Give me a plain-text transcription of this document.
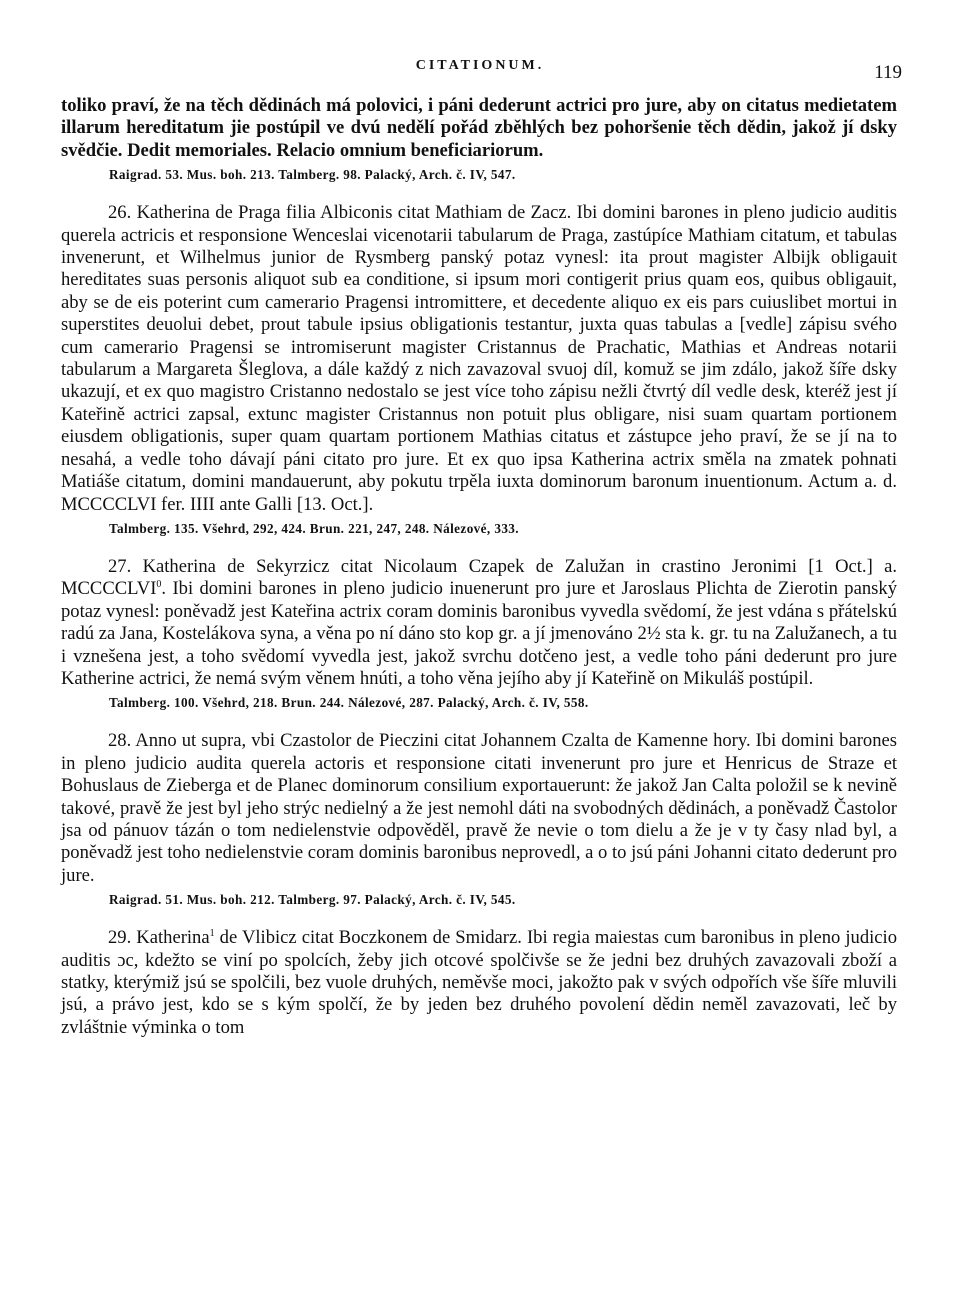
CITATIONUM.	119

toliko praví, že na těch dědinách má polovici, i páni dederunt actrici pro jure, aby on citatus medietatem illarum hereditatum jie postúpil ve dvú nedělí pořád zběhlých bez pohoršenie těch dědin, jakož jí dsky svědčie. Dedit memoriales. Relacio omnium beneficiariorum.

Raigrad. 53. Mus. boh. 213. Talmberg. 98. Palacký, Arch. č. IV, 547.

26. Katherina de Praga filia Albiconis citat Mathiam de Zacz. Ibi domini barones in pleno judicio auditis querela actricis et responsione Wenceslai vicenotarii tabularum de Praga, zastúpíce Mathiam citatum, et tabulas invenerunt, et Wilhelmus junior de Rysmberg panský potaz vynesl: ita prout magister Albijk obligauit hereditates suas personis aliquot sub ea conditione, si ipsum mori contigerit prius quam eos, quibus obligauit, aby se de eis poterint cum camerario Pragensi intromittere, et decedente aliquo ex eis pars cuiuslibet mortui in superstites deuolui debet, prout tabule ipsius obligationis testantur, juxta quas tabulas a [vedle] zápisu svého cum camerario Pragensi se intromiserunt magister Cristannus de Prachatic, Mathias et Andreas notarii tabularum a Margareta Šleglova, a dále každý z nich zavazoval svuoj díl, komuž se jim zdálo, jakož šíře dsky ukazují, et ex quo magistro Cristanno nedostalo se jest více toho zápisu nežli čtvrtý díl vedle desk, kteréž jest jí Kateřině actrici zapsal, extunc magister Cristannus non potuit plus obligare, nisi suam quartam portionem eiusdem obligationis, super quam quartam portionem Mathias citatus et zástupce jeho praví, že se jí na to nesahá, a vedle toho dávají páni citato pro jure. Et ex quo ipsa Katherina actrix směla na zmatek pohnati Matiáše citatum, domini mandauerunt, aby pokutu trpěla iuxta dominorum baronum inuentionum. Actum a. d. MCCCCLVI fer. IIII ante Galli [13. Oct.].

Talmberg. 135. Všehrd, 292, 424. Brun. 221, 247, 248. Nálezové, 333.

27. Katherina de Sekyrzicz citat Nicolaum Czapek de Zalužan in crastino Jeronimi [1 Oct.] a. MCCCCLVI$^0$. Ibi domini barones in pleno judicio inuenerunt pro jure et Jaroslaus Plichta de Zierotin panský potaz vynesl: poněvadž jest Kateřina actrix coram dominis baronibus vyvedla svědomí, že jest vdána s přátelskú radú za Jana, Kostelákova syna, a věna po ní dáno sto kop gr. a jí jmenováno 2½ sta k. gr. tu na Zalužanech, a tu i vznešena jest, a toho svědomí vyvedla jest, jakož svrchu dotčeno jest, a vedle toho páni dederunt pro jure Katherine actrici, že nemá svým věnem hnúti, a toho věna jejího aby jí Kateřině on Mikuláš postúpil.

Talmberg. 100. Všehrd, 218. Brun. 244. Nálezové, 287. Palacký, Arch. č. IV, 558.

28. Anno ut supra, vbi Czastolor de Pieczini citat Johannem Czalta de Kamenne hory. Ibi domini barones in pleno judicio audita querela actoris et responsione citati invenerunt pro jure et Henricus de Straze et Bohuslaus de Zieberga et de Planec dominorum consilium exportauerunt: že jakož Jan Calta položil se k nevině takové, pravě že jest byl jeho strýc nedielný a že jest nemohl dáti na svobodných dědinách, a poněvadž Častolor jsa od pánuov tázán o tom nedielenstvie odpověděl, pravě že nevie o tom dielu a že je v ty časy nlad byl, a poněvadž jest toho nedielenstvie coram dominis baronibus neprovedl, a o to jsú páni Johanni citato dederunt pro jure.

Raigrad. 51. Mus. boh. 212. Talmberg. 97. Palacký, Arch. č. IV, 545.

29. Katherina$^1$ de Vlibicz citat Boczkonem de Smidarz. Ibi regia maiestas cum baronibus in pleno judicio auditis ɔc, kdežto se viní po spolcích, žeby jich otcové spolčivše se že jedni bez druhých zavazovali zboží a statky, kterýmiž jsú se spolčili, bez vuole druhých, neměvše moci, jakožto pak v svých odpořích vše šíře mluvili jsú, a právo jest, kdo se s kým spolčí, že by jeden bez druhého povolení dědin neměl zavazovati, leč by zvláštnie výminka o tom
